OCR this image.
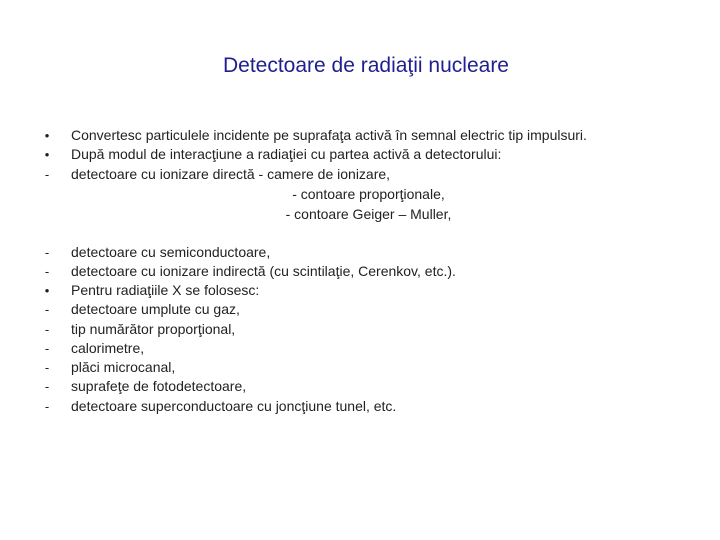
Detectoare de radiaţii nucleare
•	Convertesc particulele incidente pe suprafaţa activă în semnal electric tip impulsuri.
•	După modul de interacţiune a radiaţiei cu partea activă a detectorului:
-	detectoare cu ionizare directă - camere de ionizare,
- contoare proporţionale,
- contoare Geiger – Muller,
-	detectoare cu semiconductoare,
-	detectoare cu ionizare indirectă (cu scintilaţie, Cerenkov, etc.).
•	Pentru radiaţiile X se folosesc:
-	detectoare umplute cu gaz,
-	tip numărător proporţional,
-	calorimetre,
-	plăci microcanal,
-	suprafeţe de fotodetectoare,
-	detectoare superconductoare cu joncţiune tunel, etc.
